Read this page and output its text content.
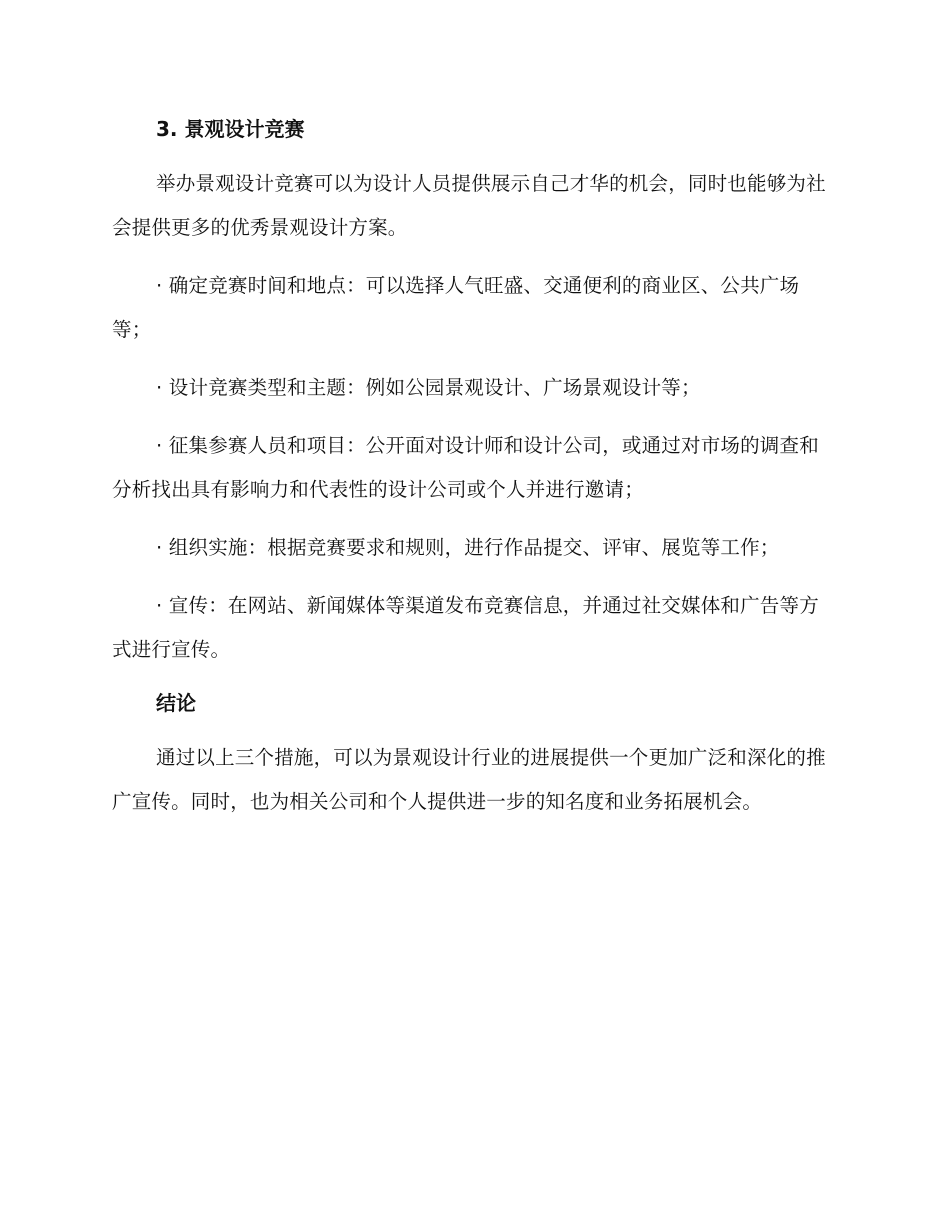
3. 景观设计竞赛

举办景观设计竞赛可以为设计人员提供展示自己才华的机会，同时也能够为社会提供更多的优秀景观设计方案。

· 确定竞赛时间和地点：可以选择人气旺盛、交通便利的商业区、公共广场等；

· 设计竞赛类型和主题：例如公园景观设计、广场景观设计等；

· 征集参赛人员和项目：公开面对设计师和设计公司，或通过对市场的调查和分析找出具有影响力和代表性的设计公司或个人并进行邀请；

· 组织实施：根据竞赛要求和规则，进行作品提交、评审、展览等工作；

· 宣传：在网站、新闻媒体等渠道发布竞赛信息，并通过社交媒体和广告等方式进行宣传。

结论

通过以上三个措施，可以为景观设计行业的进展提供一个更加广泛和深化的推广宣传。同时，也为相关公司和个人提供进一步的知名度和业务拓展机会。
